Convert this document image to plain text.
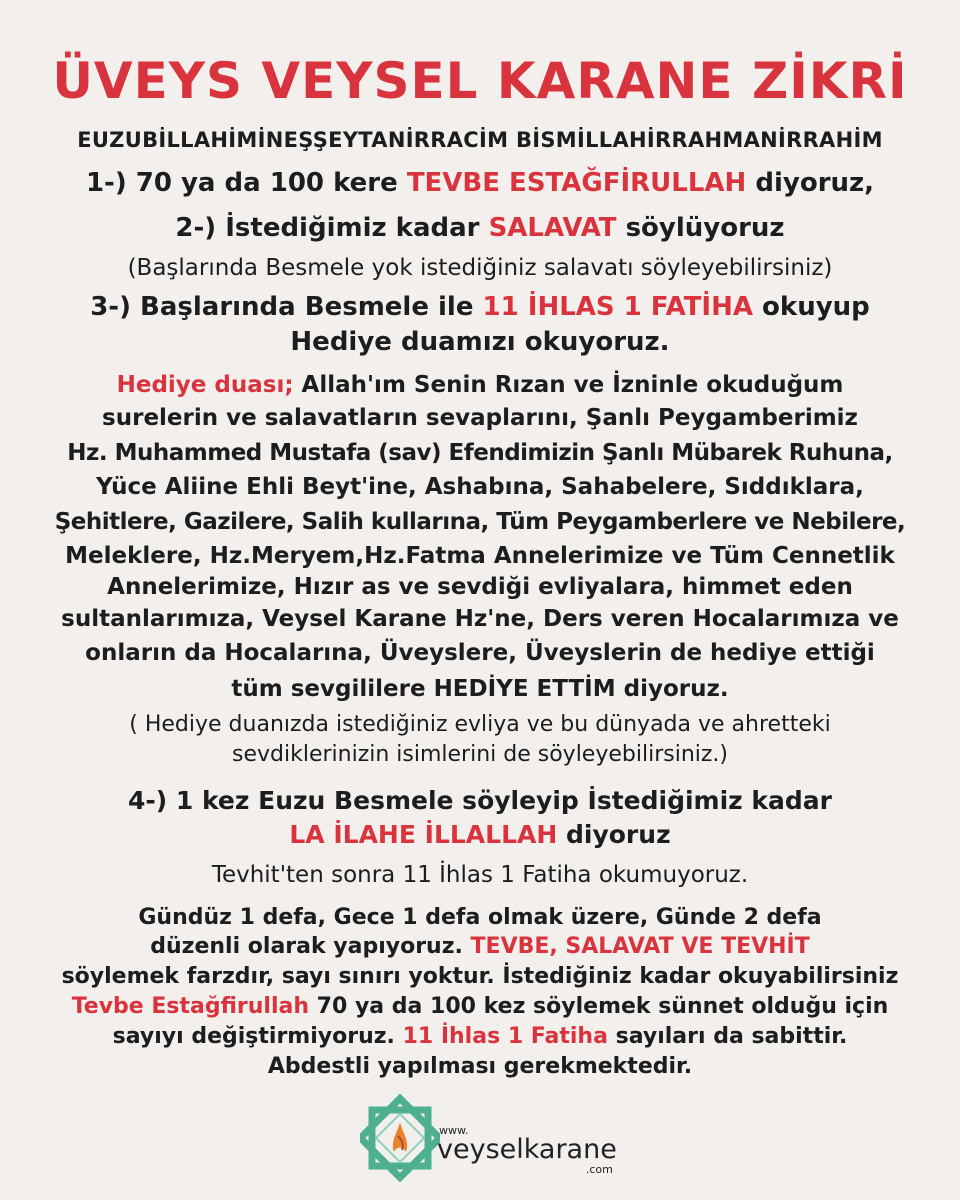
ÜVEYS VEYSEL KARANE ZİKRİ
EUZUBİLLAHİMİNEŞŞEYTANİRRACİM BİSMİLLAHİRRAHMANİRRAHİM
1-) 70 ya da 100 kere TEVBE ESTAĞFİRULLAH diyoruz,
2-) İstediğimiz kadar SALAVAT söylüyoruz
(Başlarında Besmele yok istediğiniz salavatı söyleyebilirsiniz)
3-) Başlarında Besmele ile 11 İHLAS 1 FATİHA okuyup
Hediye duamızı okuyoruz.
Hediye duası; Allah'ım Senin Rızan ve İzninle okuduğum
surelerin ve salavatların sevaplarını, Şanlı Peygamberimiz
Hz. Muhammed Mustafa (sav) Efendimizin Şanlı Mübarek Ruhuna,
Yüce Aliine Ehli Beyt'ine, Ashabına, Sahabelere, Sıddıklara,
Şehitlere, Gazilere, Salih kullarına, Tüm Peygamberlere ve Nebilere,
Meleklere, Hz.Meryem,Hz.Fatma Annelerimize ve Tüm Cennetlik
Annelerimize, Hızır as ve sevdiği evliyalara, himmet eden
sultanlarımıza, Veysel Karane Hz'ne, Ders veren Hocalarımıza ve
onların da Hocalarına, Üveyslere, Üveyslerin de hediye ettiği
tüm sevgililere HEDİYE ETTİM diyoruz.
( Hediye duanızda istediğiniz evliya ve bu dünyada ve ahretteki
sevdiklerinizin isimlerini de söyleyebilirsiniz.)
4-) 1 kez Euzu Besmele söyleyip İstediğimiz kadar
LA İLAHE İLLALLAH diyoruz
Tevhit'ten sonra 11 İhlas 1 Fatiha okumuyoruz.
Gündüz 1 defa, Gece 1 defa olmak üzere, Günde 2 defa
düzenli olarak yapıyoruz. TEVBE, SALAVAT VE TEVHİT
söylemek farzdır, sayı sınırı yoktur. İstediğiniz kadar okuyabilirsiniz
Tevbe Estağfirullah 70 ya da 100 kez söylemek sünnet olduğu için
sayıyı değiştirmiyoruz. 11 İhlas 1 Fatiha sayıları da sabittir.
Abdestli yapılması gerekmektedir.
www.
veyselkarane
.com
